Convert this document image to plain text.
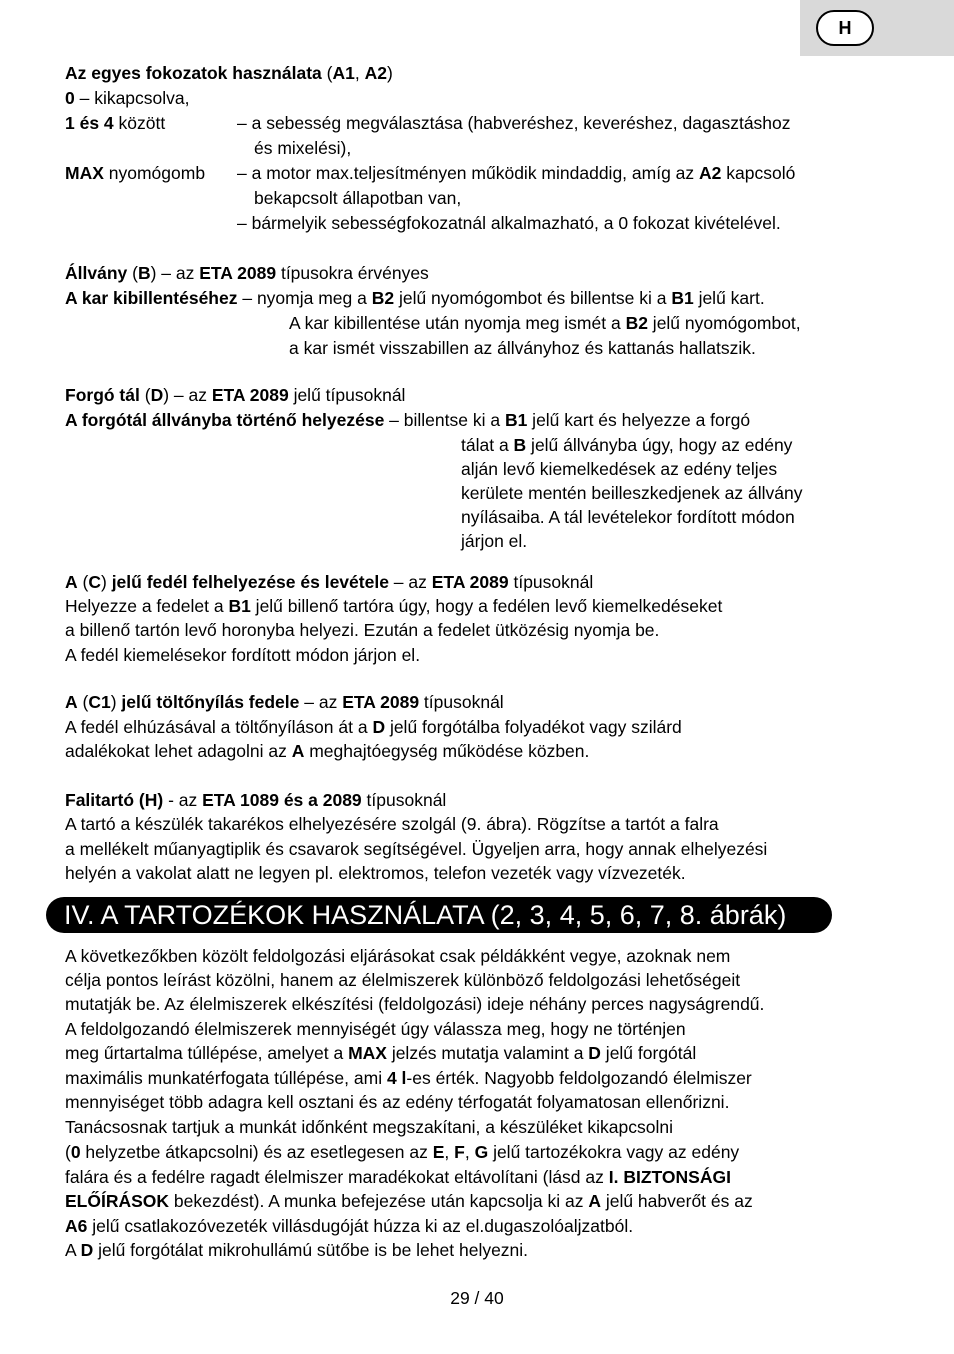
H
Az egyes fokozatok használata (A1, A2)
0 – kikapcsolva,
1 és 4 között	– a sebesség megválasztása (habveréshez, keveréshez, dagasztáshoz
és mixelési),
MAX nyomógomb – a motor max.teljesítményen működik mindaddig, amíg az A2 kapcsoló
bekapcsolt állapotban van,
– bármelyik sebességfokozatnál alkalmazható, a 0 fokozat kivételével.
Állvány (B) – az ETA 2089 típusokra érvényes
A kar kibillentéséhez – nyomja meg a B2 jelű nyomógombot és billentse ki a B1 jelű kart.
A kar kibillentése után nyomja meg ismét a B2 jelű nyomógombot,
a kar ismét visszabillen az állványhoz és kattanás hallatszik.
Forgó tál (D) – az ETA 2089 jelű típusoknál
A forgótál állványba történő helyezése – billentse ki a B1 jelű kart és helyezze a forgó
tálat a B jelű állványba úgy, hogy az edény
alján levő kiemelkedések az edény teljes
kerülete mentén beilleszkedjenek az állvány
nyílásaiba. A tál levételekor fordított módon
járjon el.
A (C) jelű fedél felhelyezése és levétele – az ETA 2089 típusoknál
Helyezze a fedelet a B1 jelű billenő tartóra úgy, hogy a fedélen levő kiemelkedéseket
a billenő tartón levő horonyba helyezi. Ezután a fedelet ütközésig nyomja be.
A fedél kiemelésekor fordított módon járjon el.
A (C1) jelű töltőnyílás fedele – az ETA 2089 típusoknál
A fedél elhúzásával a töltőnyíláson át a D jelű forgótálba folyadékot vagy szilárd
adalékokat lehet adagolni az A meghajtóegység működése közben.
Falitartó (H) - az ETA 1089 és a 2089 típusoknál
A tartó a készülék takarékos elhelyezésére szolgál (9. ábra). Rögzítse a tartót a falra
a mellékelt műanyagtiplik és csavarok segítségével. Ügyeljen arra, hogy annak elhelyezési
helyén a vakolat alatt ne legyen pl. elektromos, telefon vezeték vagy vízvezeték.
IV. A TARTOZÉKOK HASZNÁLATA (2, 3, 4, 5, 6, 7, 8. ábrák)
A következőkben közölt feldolgozási eljárásokat csak példákként vegye, azoknak nem
célja pontos leírást közölni, hanem az élelmiszerek különböző feldolgozási lehetőségeit
mutatják be. Az élelmiszerek elkészítési (feldolgozási) ideje néhány perces nagyságrendű.
A feldolgozandó élelmiszerek mennyiségét úgy válassza meg, hogy ne történjen
meg űrtartalma túllépése, amelyet a MAX jelzés mutatja valamint a D jelű forgótál
maximális munkatérfogata túllépése, ami 4 l-es érték. Nagyobb feldolgozandó élelmiszer
mennyiséget több adagra kell osztani és az edény térfogatát folyamatosan ellenőrizni.
Tanácsosnak tartjuk a munkát időnként megszakítani, a készüléket kikapcsolni
(0 helyzetbe átkapcsolni) és az esetlegesen az E, F, G jelű tartozékokra vagy az edény
falára és a fedélre ragadt élelmiszer maradékokat eltávolítani (lásd az I. BIZTONSÁGI
ELŐÍRÁSOK bekezdést). A munka befejezése után kapcsolja ki az A jelű habverőt és az
A6 jelű csatlakozóvezeték villásdugóját húzza ki az el.dugaszolóaljzatból.
A D jelű forgótálat mikrohullámú sütőbe is be lehet helyezni.
29 / 40
